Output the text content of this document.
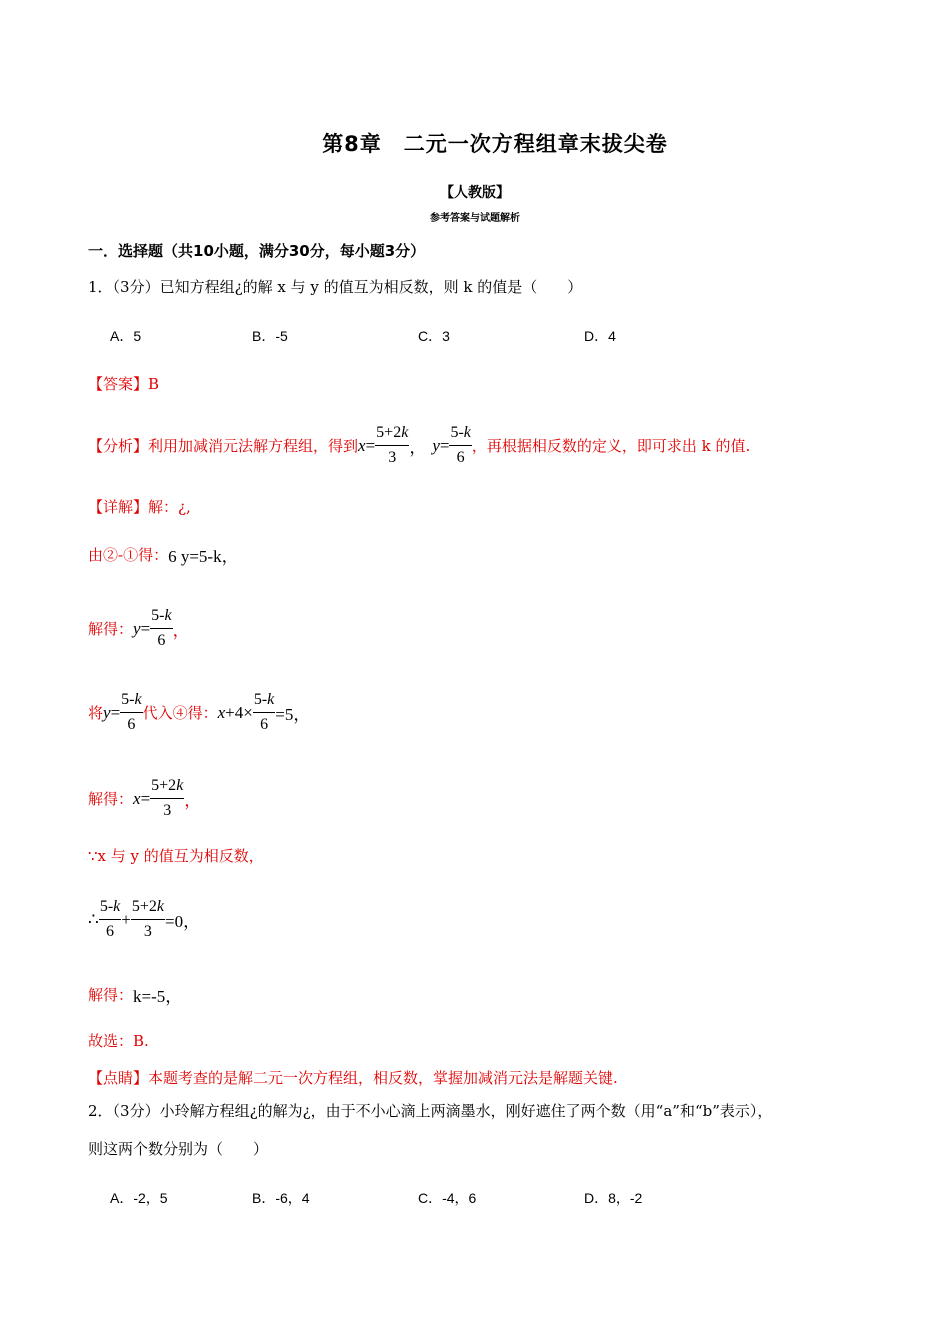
第8章　二元一次方程组章末拔尖卷
【人教版】
参考答案与试题解析
一．选择题（共10小题，满分30分，每小题3分）
1．（3分）已知方程组¿的解 x 与 y 的值互为相反数，则 k 的值是（　　）
A．5	B．-5	C．3	D．4
【答案】B
【分析】 利用加减消元法解方程组，得到 $x = \frac{5+2k}{3}$ ， $y = \frac{5-k}{6}$ ，再根据相反数的定义，即可求出 k 的值.
【详解】 解：¿,
由②-①得： 6 y=5-k，
解得： $y = \frac{5-k}{6}$ ，
将 $y = \frac{5-k}{6}$ 代入④得： $x +4\times \frac{5-k}{6} =5$，
解得： $x = \frac{5+2k}{3}$ ，
∵x 与 y 的值互为相反数，
∴ $\frac{5-k}{6} + \frac{5+2k}{3} =0$，
解得： k=-5，
故选：B.
【点睛】 本题考查的是解二元一次方程组，相反数，掌握加减消元法是解题关键.
2．（3分）小玲解方程组¿的解为¿，由于不小心滴上两滴墨水，刚好遮住了两个数（用“a”和“b”表示），
则这两个数分别为（　　）
A．-2，5	B．-6，4	C．-4，6	D．8，-2
